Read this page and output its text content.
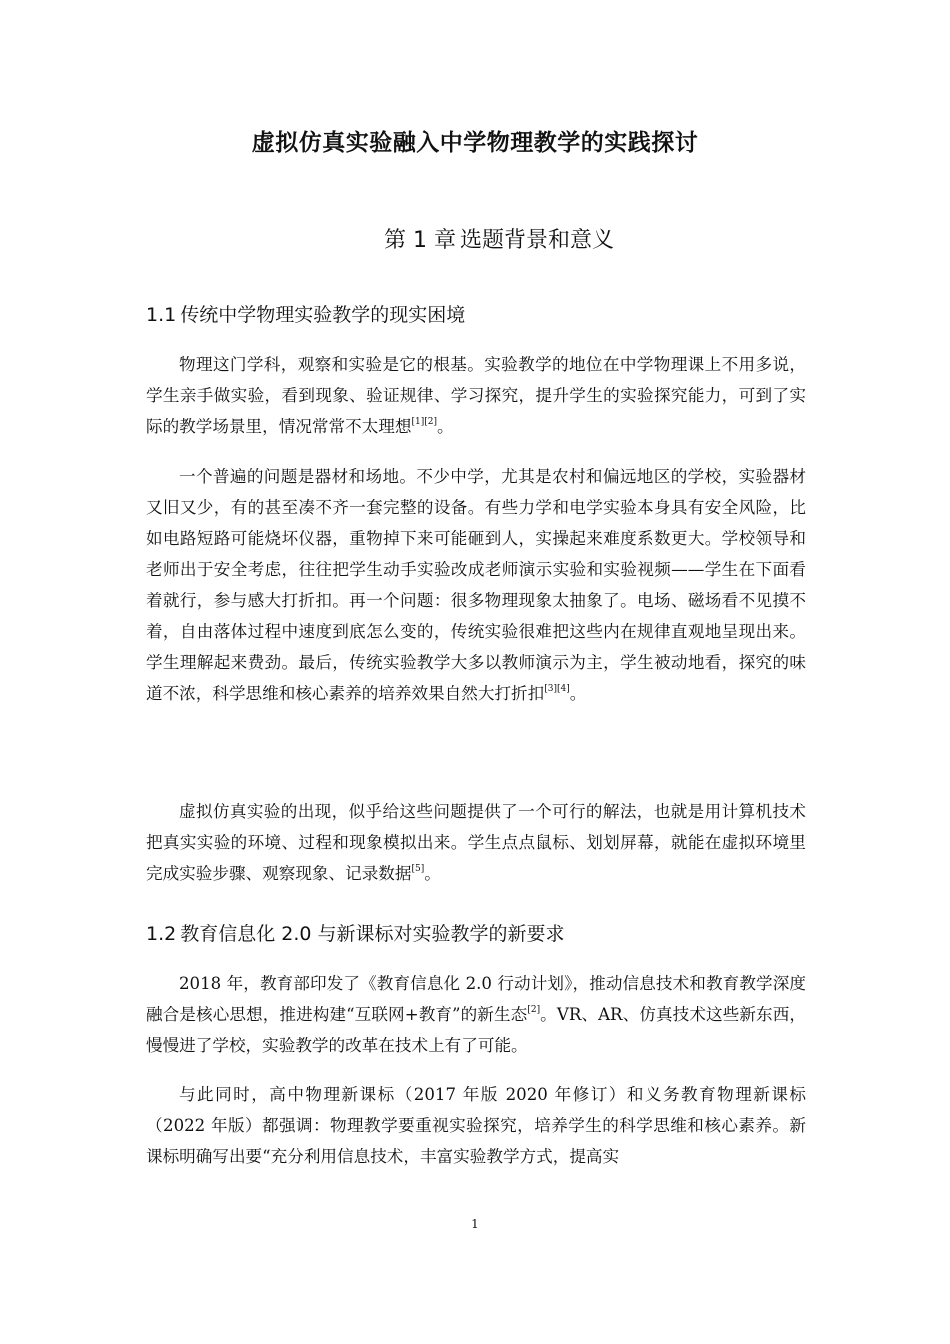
虚拟仿真实验融入中学物理教学的实践探讨
第 1 章 选题背景和意义
1.1 传统中学物理实验教学的现实困境

物理这门学科，观察和实验是它的根基。实验教学的地位在中学物理课上不用多说，学生亲手做实验，看到现象、验证规律、学习探究，提升学生的实验探究能力，可到了实际的教学场景里，情况常常不太理想[1][2]。

一个普遍的问题是器材和场地。不少中学，尤其是农村和偏远地区的学校，实验器材又旧又少，有的甚至凑不齐一套完整的设备。有些力学和电学实验本身具有安全风险，比如电路短路可能烧坏仪器，重物掉下来可能砸到人，实操起来难度系数更大。学校领导和老师出于安全考虑，往往把学生动手实验改成老师演示实验和实验视频——学生在下面看着就行，参与感大打折扣。再一个问题：很多物理现象太抽象了。电场、磁场看不见摸不着，自由落体过程中速度到底怎么变的，传统实验很难把这些内在规律直观地呈现出来。学生理解起来费劲。最后，传统实验教学大多以教师演示为主，学生被动地看，探究的味道不浓，科学思维和核心素养的培养效果自然大打折扣[3][4]。

虚拟仿真实验的出现，似乎给这些问题提供了一个可行的解法，也就是用计算机技术把真实实验的环境、过程和现象模拟出来。学生点点鼠标、划划屏幕，就能在虚拟环境里完成实验步骤、观察现象、记录数据[5]。

1.2 教育信息化 2.0 与新课标对实验教学的新要求

2018 年，教育部印发了《教育信息化 2.0 行动计划》，推动信息技术和教育教学深度融合是核心思想，推进构建“互联网+教育”的新生态[2]。VR、AR、仿真技术这些新东西，慢慢进了学校，实验教学的改革在技术上有了可能。

与此同时，高中物理新课标（2017 年版 2020 年修订）和义务教育物理新课标（2022 年版）都强调：物理教学要重视实验探究，培养学生的科学思维和核心素养。新课标明确写出要“充分利用信息技术，丰富实验教学方式，提高实

1
